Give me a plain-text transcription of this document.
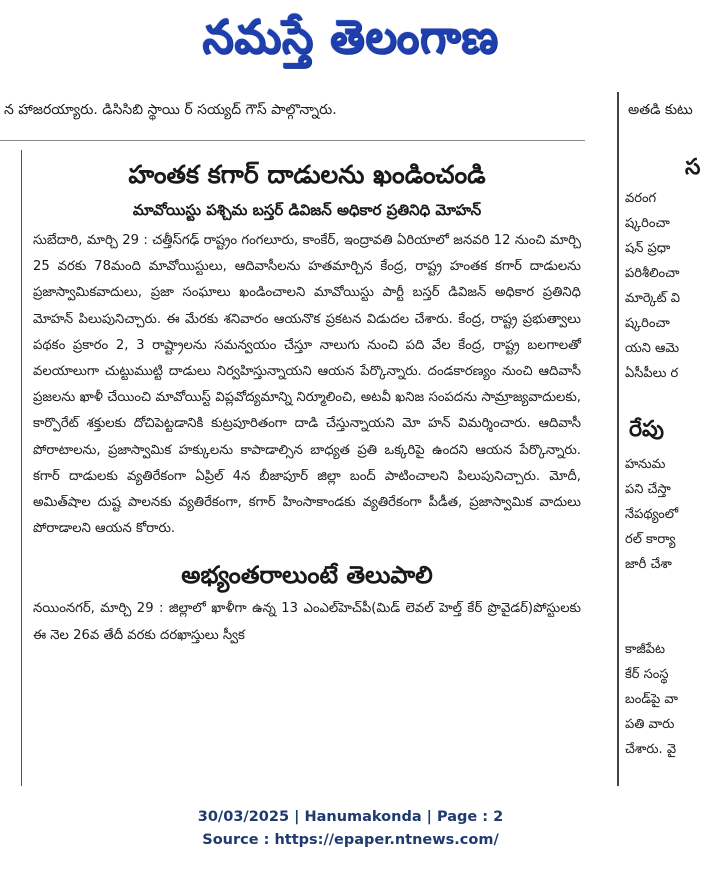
నమస్తే తెలంగాణ
న హాజరయ్యారు. డిసిసిబి స్థాయి ర్ సయ్యద్ గౌస్ పాల్గొన్నారు.	అతడి కుటు
హంతక కగార్ దాడులను ఖండించండి
మావోయిస్టు పశ్చిమ బస్తర్ డివిజన్ అధికార ప్రతినిధి మోహన్

సుబేదారి, మార్చి 29 : చత్తీస్‌గఢ్ రాష్ట్రం గంగలూరు, కాంకేర్, ఇంద్రావతి ఏరియాలో జనవరి 12 నుంచి మార్చి 25 వరకు 78మంది మావోయిస్టులు, ఆదివాసీలను హతమార్చిన కేంద్ర, రాష్ట్ర హంతక కగార్ దాడులను ప్రజాస్వామికవాదులు, ప్రజా సంఘాలు ఖండించాలని మావోయిస్టు పార్టీ బస్తర్ డివిజన్ అధికార ప్రతినిధి మోహన్ పిలుపునిచ్చారు. ఈ మేరకు శనివారం ఆయనొక ప్రకటన విడుదల చేశారు. కేంద్ర, రాష్ట్ర ప్రభుత్వాలు పథకం ప్రకారం 2, 3 రాష్ట్రాలను సమన్వయం చేస్తూ నాలుగు నుంచి పది వేల కేంద్ర, రాష్ట్ర బలగాలతో వలయాలుగా చుట్టుముట్టి దాడులు నిర్వహిస్తున్నాయని ఆయన పేర్కొన్నారు. దండకారణ్యం నుంచి ఆదివాసీ ప్రజలను ఖాళీ చేయించి మావోయిస్ట్ విప్లవోద్యమాన్ని నిర్మూలించి, అటవీ ఖనిజ సంపదను సామ్రాజ్యవాదులకు, కార్పొరేట్ శక్తులకు దోచిపెట్టడానికి కుట్రపూరితంగా దాడి చేస్తున్నాయని మో హన్ విమర్శించారు. ఆదివాసీ పోరాటాలను, ప్రజాస్వామిక హక్కులను కాపాడాల్సిన బాధ్యత ప్రతి ఒక్కరిపై ఉందని ఆయన పేర్కొన్నారు. కగార్ దాడులకు వ్యతిరేకంగా ఏప్రిల్ 4న బీజాపూర్ జిల్లా బంద్ పాటించాలని పిలుపునిచ్చారు. మోదీ, అమిత్‌షాల దుష్ట పాలనకు వ్యతిరేకంగా, కగార్ హింసాకాండకు వ్యతిరేకంగా పీడీత, ప్రజాస్వామిక వాదులు పోరాడాలని ఆయన కోరారు.

అభ్యంతరాలుంటే తెలుపాలి

నయింనగర్, మార్చి 29 : జిల్లాలో ఖాళీగా ఉన్న 13 ఎంఎల్‌హెచ్‌పీ(మిడ్ లెవల్ హెల్త్ కేర్ ప్రొవైడర్)పోస్టులకు ఈ నెల 26వ తేదీ వరకు దరఖాస్తులు స్వీక

స
వరంగ
ష్కరించా
షన్ ప్రధా
పరిశీలించా
మార్కెట్ వి
ష్కరించా
యని ఆమె
ఏసీపీలు ర
రేపు
హనుమ
పని చేస్తా
నేపథ్యంలో
రల్ కార్యా
జారీ చేశా
కాజీపేట
కేర్ సంస్థ
బండ్‌పై వా
పతి వారు
చేశారు. వై
30/03/2025 | Hanumakonda | Page : 2
Source : https://epaper.ntnews.com/
